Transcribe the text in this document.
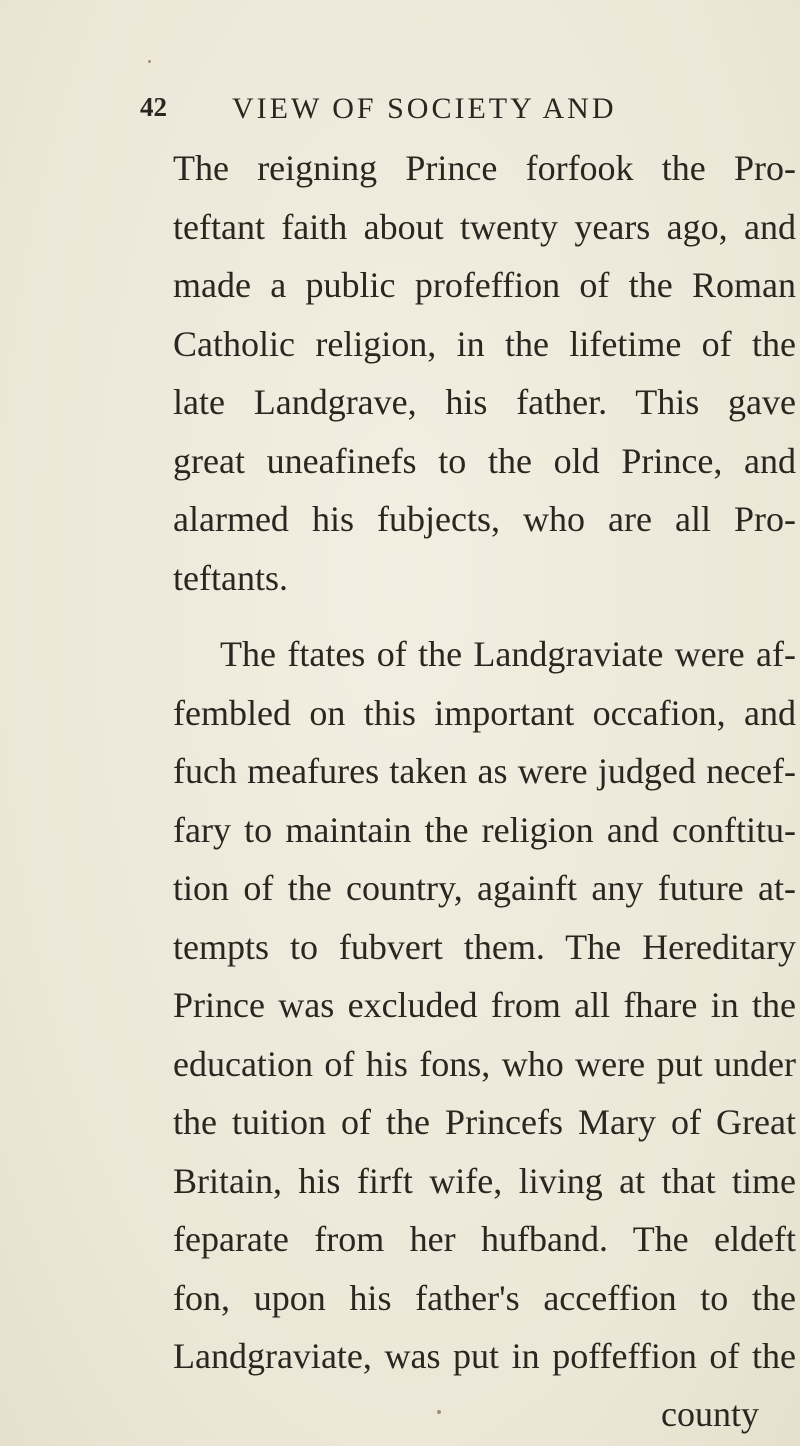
42 VIEW OF SOCIETY AND
The reigning Prince forfook the Pro-
teftant faith about twenty years ago, and
made a public profeffion of the Roman
Catholic religion, in the lifetime of the
late Landgrave, his father. This gave
great uneafinefs to the old Prince, and
alarmed his fubjects, who are all Pro-
teftants.
The ftates of the Landgraviate were af-
fembled on this important occafion, and
fuch meafures taken as were judged necef-
fary to maintain the religion and conftitu-
tion of the country, againft any future at-
tempts to fubvert them. The Hereditary
Prince was excluded from all fhare in the
education of his fons, who were put under
the tuition of the Princefs Mary of Great
Britain, his firft wife, living at that time
feparate from her hufband. The eldeft
fon, upon his father's acceffion to the
Landgraviate, was put in poffeffion of the
county
